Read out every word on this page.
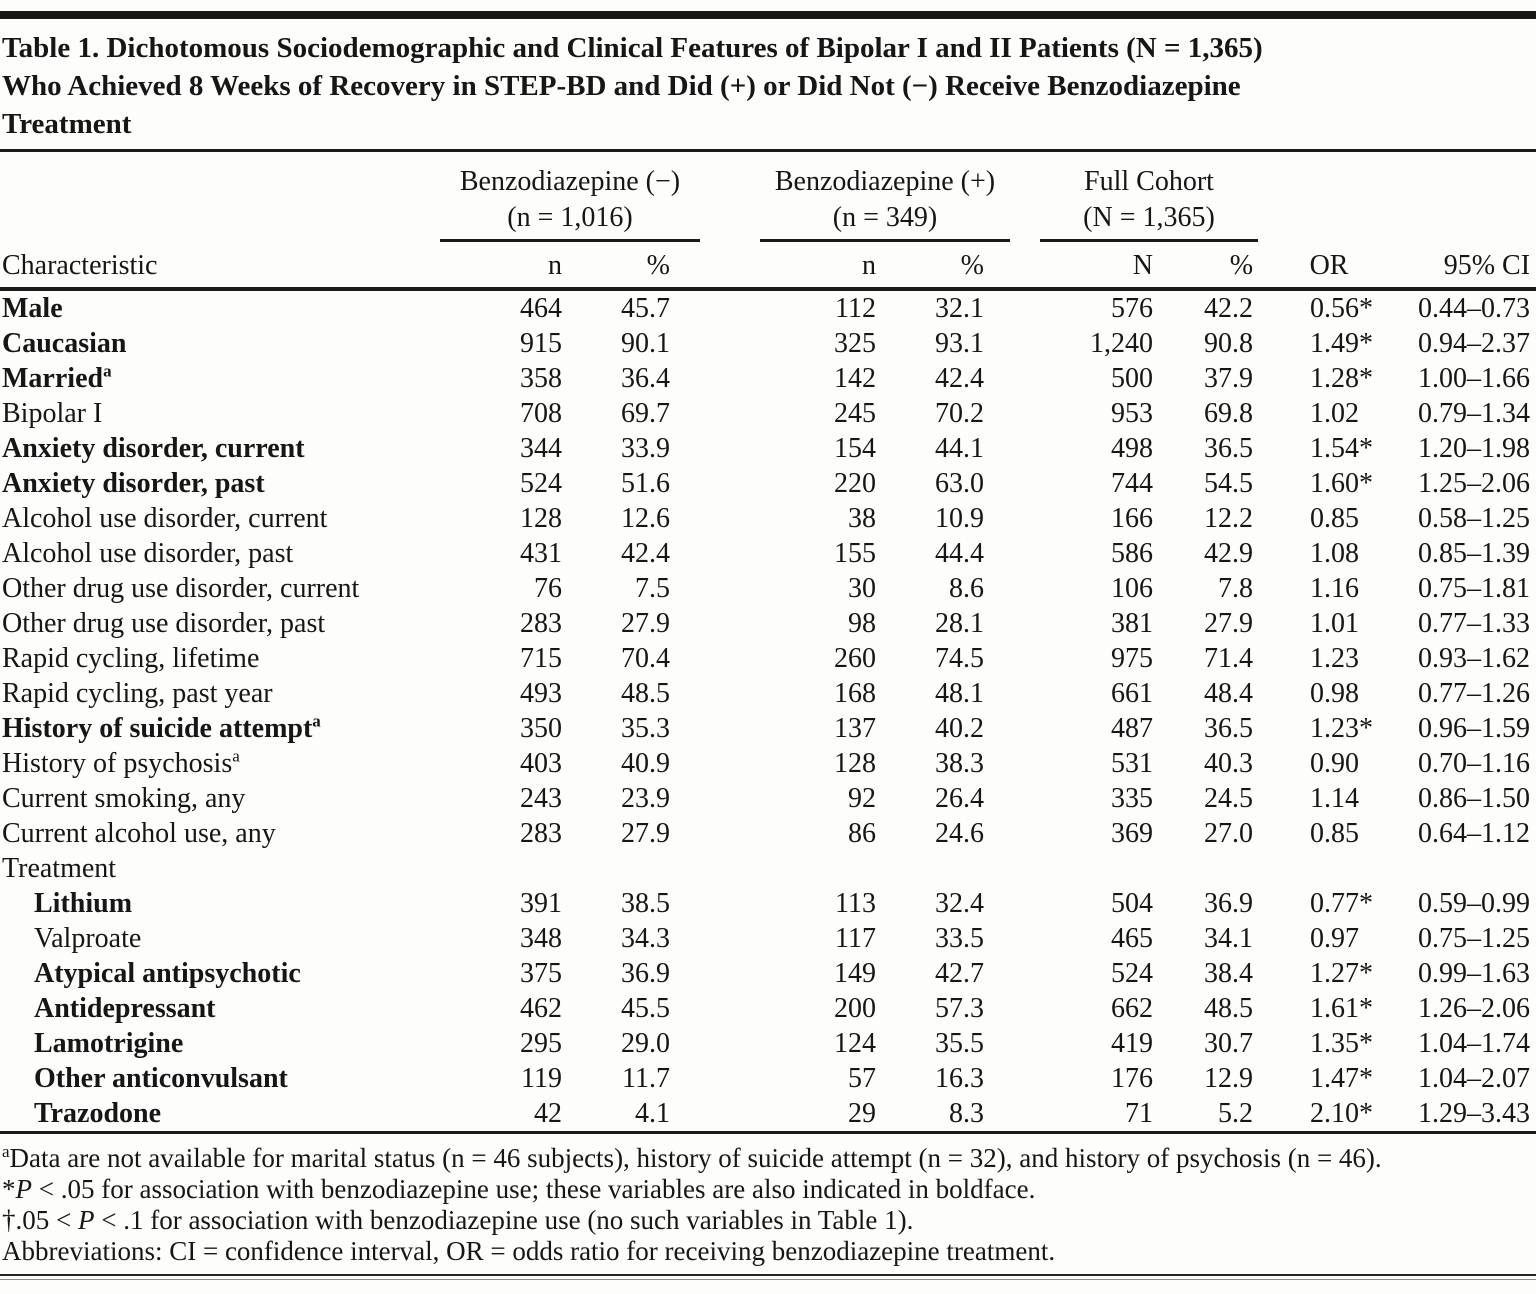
Table 1. Dichotomous Sociodemographic and Clinical Features of Bipolar I and II Patients (N = 1,365)
Who Achieved 8 Weeks of Recovery in STEP-BD and Did (+) or Did Not (−) Receive Benzodiazepine
Treatment
	Benzodiazepine (−)			Benzodiazepine (+)			Full Cohort			
	(n = 1,016)			(n = 349)			(N = 1,365)			
Characteristic	n	%		n	%		N	%	OR	95% CI
Male	464	45.7		112	32.1		576	42.2	0.56*	0.44–0.73
Caucasian	915	90.1		325	93.1		1,240	90.8	1.49*	0.94–2.37
Married$^a$	358	36.4		142	42.4		500	37.9	1.28*	1.00–1.66
Bipolar I	708	69.7		245	70.2		953	69.8	1.02	0.79–1.34
Anxiety disorder, current	344	33.9		154	44.1		498	36.5	1.54*	1.20–1.98
Anxiety disorder, past	524	51.6		220	63.0		744	54.5	1.60*	1.25–2.06
Alcohol use disorder, current	128	12.6		38	10.9		166	12.2	0.85	0.58–1.25
Alcohol use disorder, past	431	42.4		155	44.4		586	42.9	1.08	0.85–1.39
Other drug use disorder, current	76	7.5		30	8.6		106	7.8	1.16	0.75–1.81
Other drug use disorder, past	283	27.9		98	28.1		381	27.9	1.01	0.77–1.33
Rapid cycling, lifetime	715	70.4		260	74.5		975	71.4	1.23	0.93–1.62
Rapid cycling, past year	493	48.5		168	48.1		661	48.4	0.98	0.77–1.26
History of suicide attempt$^a$	350	35.3		137	40.2		487	36.5	1.23*	0.96–1.59
History of psychosis$^a$	403	40.9		128	38.3		531	40.3	0.90	0.70–1.16
Current smoking, any	243	23.9		92	26.4		335	24.5	1.14	0.86–1.50
Current alcohol use, any	283	27.9		86	24.6		369	27.0	0.85	0.64–1.12
Treatment										
Lithium	391	38.5		113	32.4		504	36.9	0.77*	0.59–0.99
Valproate	348	34.3		117	33.5		465	34.1	0.97	0.75–1.25
Atypical antipsychotic	375	36.9		149	42.7		524	38.4	1.27*	0.99–1.63
Antidepressant	462	45.5		200	57.3		662	48.5	1.61*	1.26–2.06
Lamotrigine	295	29.0		124	35.5		419	30.7	1.35*	1.04–1.74
Other anticonvulsant	119	11.7		57	16.3		176	12.9	1.47*	1.04–2.07
Trazodone	42	4.1		29	8.3		71	5.2	2.10*	1.29–3.43

$^a$Data are not available for marital status (n = 46 subjects), history of suicide attempt (n = 32), and history of psychosis (n = 46).

*P < .05 for association with benzodiazepine use; these variables are also indicated in boldface.

†.05 < P < .1 for association with benzodiazepine use (no such variables in Table 1).

Abbreviations: CI = confidence interval, OR = odds ratio for receiving benzodiazepine treatment.
